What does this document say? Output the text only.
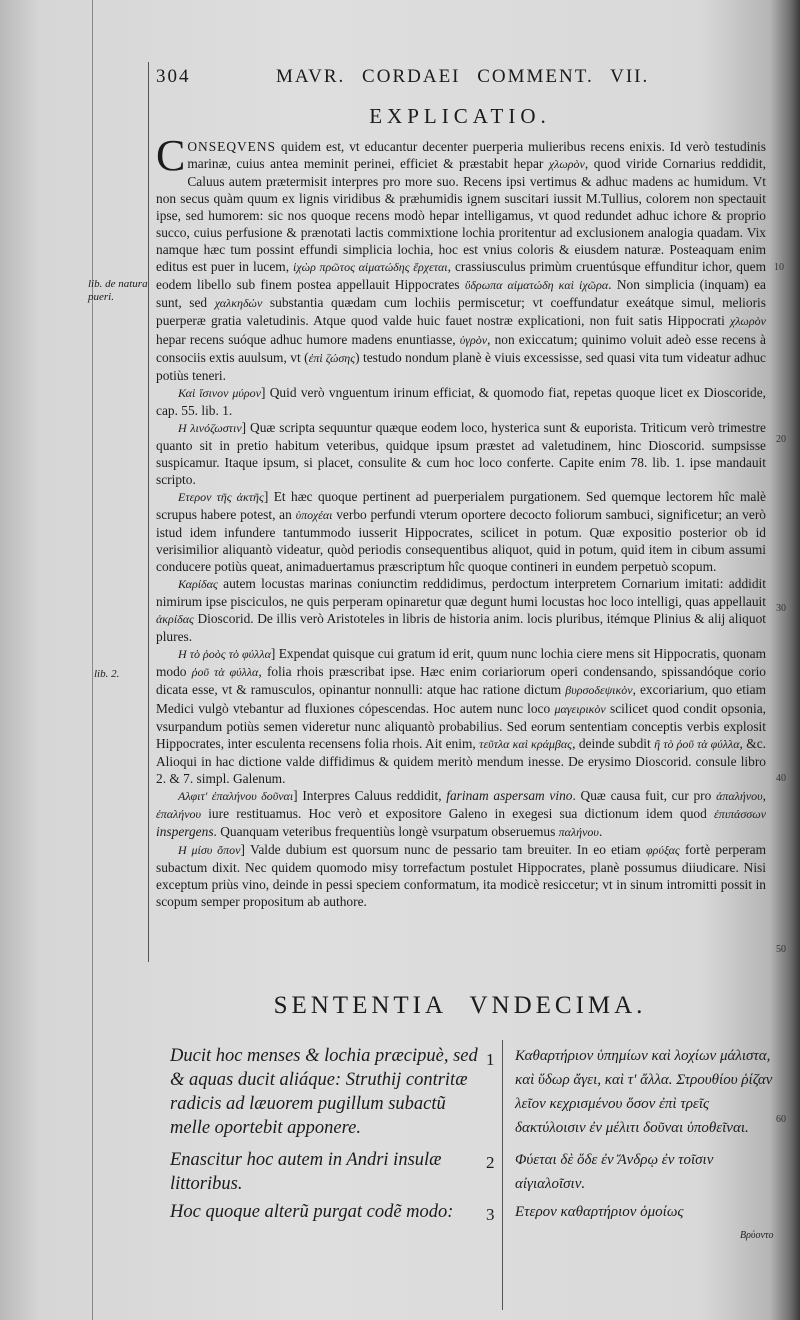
304	MAVR. CORDAEI COMMENT. VII.
EXPLICATIO.

CONSEQVENS quidem est, vt educantur decenter puerperia mulieribus recens enixis. Id verò testudinis marinæ, cuius antea meminit perinei, efficiet & præstabit hepar χλωρὸν, quod viride Cornarius reddidit, Caluus autem prætermisit interpres pro more suo. Recens ipsi vertimus & adhuc madens ac humidum. Vt non secus quàm quum ex lignis viridibus & præhumidis ignem suscitari iussit M.Tullius, colorem non spectauit ipse, sed humorem: sic nos quoque recens modò hepar intelligamus, vt quod redundet adhuc ichore & proprio succo, cuius perfusione & prænotati lactis commixtione lochia proritentur ad exclusionem analogia quadam. Vix namque hæc tum possint effundi simplicia lochia, hoc est vnius coloris & eiusdem naturæ. Posteaquam enim editus est puer in lucem, ἰχὼρ πρῶτος αἱματώδης ἔρχεται, crassiusculus primùm cruentúsque effunditur ichor, quem eodem libello sub finem postea appellauit Hippocrates ὕδρωπα αἱματώδη καὶ ἰχῶρα. Non simplicia (inquam) ea sunt, sed χαλκηδὼν substantia quædam cum lochiis permiscetur; vt coeffundatur exeátque simul, melioris puerperæ gratia valetudinis. Atque quod valde huic fauet nostræ explicationi, non fuit satis Hippocrati χλωρὸν hepar recens suóque adhuc humore madens enuntiasse, ὑγρὸν, non exiccatum; quinimo voluit adeò esse recens à consociis extis auulsum, vt (ἐπὶ ζώσης) testudo nondum planè è viuis excessisse, sed quasi vita tum videatur adhuc potiùs teneri.

Καὶ ἴσινον μύρον] Quid verò vnguentum irinum efficiat, & quomodo fiat, repetas quoque licet ex Dioscoride, cap. 55. lib. 1.

Η λινόζωστιν] Quæ scripta sequuntur quæque eodem loco, hysterica sunt & euporista. Triticum verò trimestre quanto sit in pretio habitum veteribus, quidque ipsum præstet ad valetudinem, hinc Dioscorid. sumpsisse suspicamur. Itaque ipsum, si placet, consulite & cum hoc loco conferte. Capite enim 78. lib. 1. ipse mandauit scripto.

Ετερον τῆς ἀκτῆς] Et hæc quoque pertinent ad puerperialem purgationem. Sed quemque lectorem hîc malè scrupus habere potest, an ὑποχέαι verbo perfundi vterum oportere decocto foliorum sambuci, significetur; an verò istud idem infundere tantummodo iusserit Hippocrates, scilicet in potum. Quæ expositio posterior ob id verisimilior aliquantò videatur, quòd periodis consequentibus aliquot, quid in potum, quid item in cibum assumi conducere potiùs queat, animaduertamus præscriptum hîc quoque contineri in eundem perpetuò scopum.

Καρίδας autem locustas marinas coniunctim reddidimus, perdoctum interpretem Cornarium imitati: addidit nimirum ipse pisciculos, ne quis perperam opinaretur quæ degunt humi locustas hoc loco intelligi, quas appellauit ἀκρίδας Dioscorid. De illis verò Aristoteles in libris de historia anim. locis pluribus, itémque Plinius & alij aliquot plures.

Η τὸ ῥοὸς τὸ φύλλα] Expendat quisque cui gratum id erit, quum nunc lochia ciere mens sit Hippocratis, quonam modo ῥοῦ τὰ φύλλα, folia rhois præscribat ipse. Hæc enim coriariorum operi condensando, spissandóque corio dicata esse, vt & ramusculos, opinantur nonnulli: atque hac ratione dictum βυρσοδεψικὸν, excoriarium, quo etiam Medici vulgò vtebantur ad fluxiones cópescendas. Hoc autem nunc loco μαγειρικὸν scilicet quod condit opsonia, vsurpandum potiùs semen videretur nunc aliquantò probabilius. Sed eorum sententiam conceptis verbis explosit Hippocrates, inter esculenta recensens folia rhois. Ait enim, τεῦτλα καὶ κράμβας, deinde subdit ἢ τὸ ῥοῦ τὰ φύλλα, &c. Alioqui in hac dictione valde diffidimus & quidem meritò mendum inesse. De erysimo Dioscorid. consule libro 2. & 7. simpl. Galenum.

Αλφιτ' ἐπαλήνου δοῦναι] Interpres Caluus reddidit, farinam aspersam vino. Quæ causa fuit, cur pro ἀπαλήνου, ἐπαλήνου iure restituamus. Hoc verò et expositore Galeno in exegesi sua dictionum idem quod ἐπιπάσσων inspergens. Quanquam veteribus frequentiùs longè vsurpatum obseruemus παλήνου.

Η μίσυ ὄπον] Valde dubium est quorsum nunc de pessario tam breuiter. In eo etiam φρύξας fortè perperam subactum dixit. Nec quidem quomodo misy torrefactum postulet Hippocrates, planè possumus diiudicare. Nisi exceptum priùs vino, deinde in pessi speciem conformatum, ita modicè resiccetur; vt in sinum intromitti possit in scopum semper propositum ab authore.

lib. de natura pueri.
lib. 2.
10
20
30
40
50
60
SENTENTIA VNDECIMA.
Ducit hoc menses & lochia præcipuè, sed & aquas ducit aliáque: Struthij contritæ radicis ad læuorem pugillum subactũ melle oportebit apponere.
1 Καθαρτήριον ὑπημίων καὶ λοχίων μάλιστα, καὶ ὕδωρ ἄγει, καὶ τ' ἄλλα. Στρουθίου ῥίζαν λεῖον κεχρισμένου ὅσον ἐπὶ τρεῖς δακτύλοισιν ἐν μέλιτι δοῦναι ὑποθεῖναι.
Enascitur hoc autem in Andri insulæ littoribus.
2 Φύεται δὲ ὅδε ἐν Ἄνδρῳ ἐν τοῖσιν αἰγιαλοῖσιν.
Hoc quoque alterũ purgat codẽ modo:	3 Ετερον καθαρτήριον ὁμοίως
Βρύοντο
